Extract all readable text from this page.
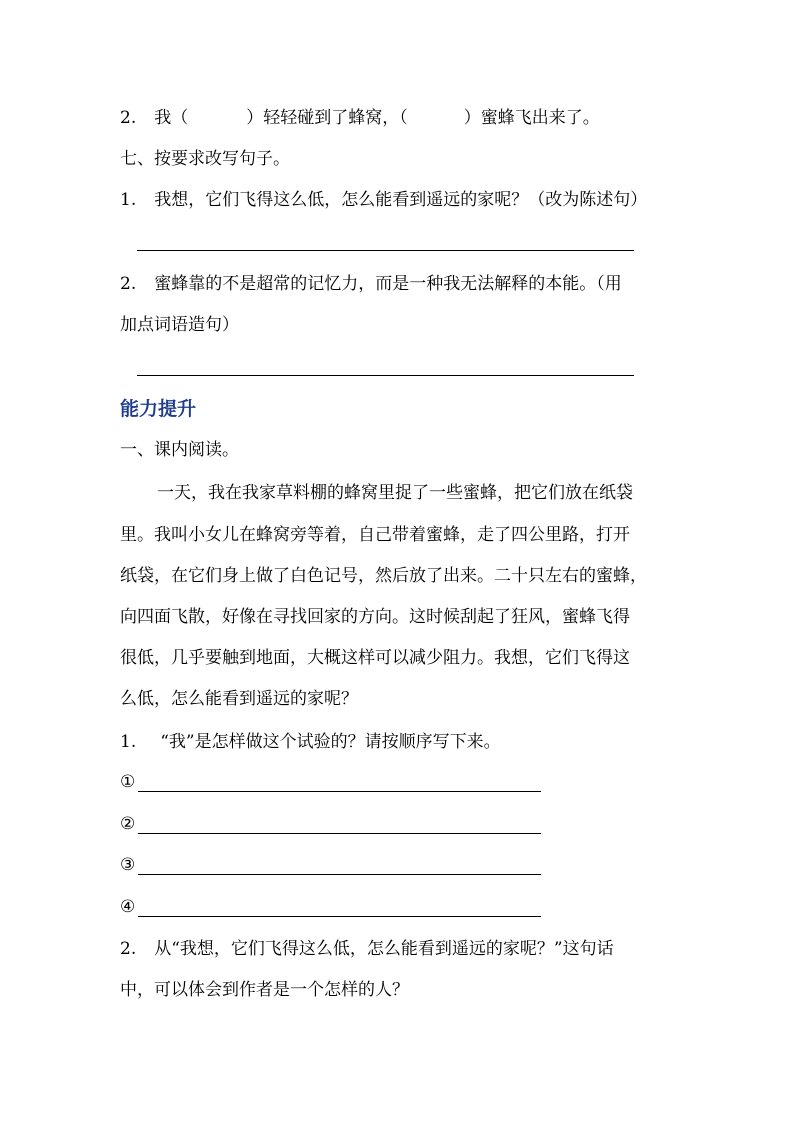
2. 我（	）轻轻碰到了蜂窝，（	）蜜蜂飞出来了。
七、按要求改写句子。
1. 我想，它们飞得这么低，怎么能看到遥远的家呢？（改为陈述句）
2. 蜜蜂靠的不是超常的记忆力，而是一种我无法解释的本能。（用
加点词语造句）
能力提升
一、课内阅读。
一天，我在我家草料棚的蜂窝里捉了一些蜜蜂，把它们放在纸袋
里。我叫小女儿在蜂窝旁等着，自己带着蜜蜂，走了四公里路，打开
纸袋，在它们身上做了白色记号，然后放了出来。二十只左右的蜜蜂，
向四面飞散，好像在寻找回家的方向。这时候刮起了狂风，蜜蜂飞得
很低，几乎要触到地面，大概这样可以减少阻力。我想，它们飞得这
么低，怎么能看到遥远的家呢？
1. “我”是怎样做这个试验的？请按顺序写下来。
①
②
③
④
2. 从“我想，它们飞得这么低，怎么能看到遥远的家呢？”这句话
中，可以体会到作者是一个怎样的人？
